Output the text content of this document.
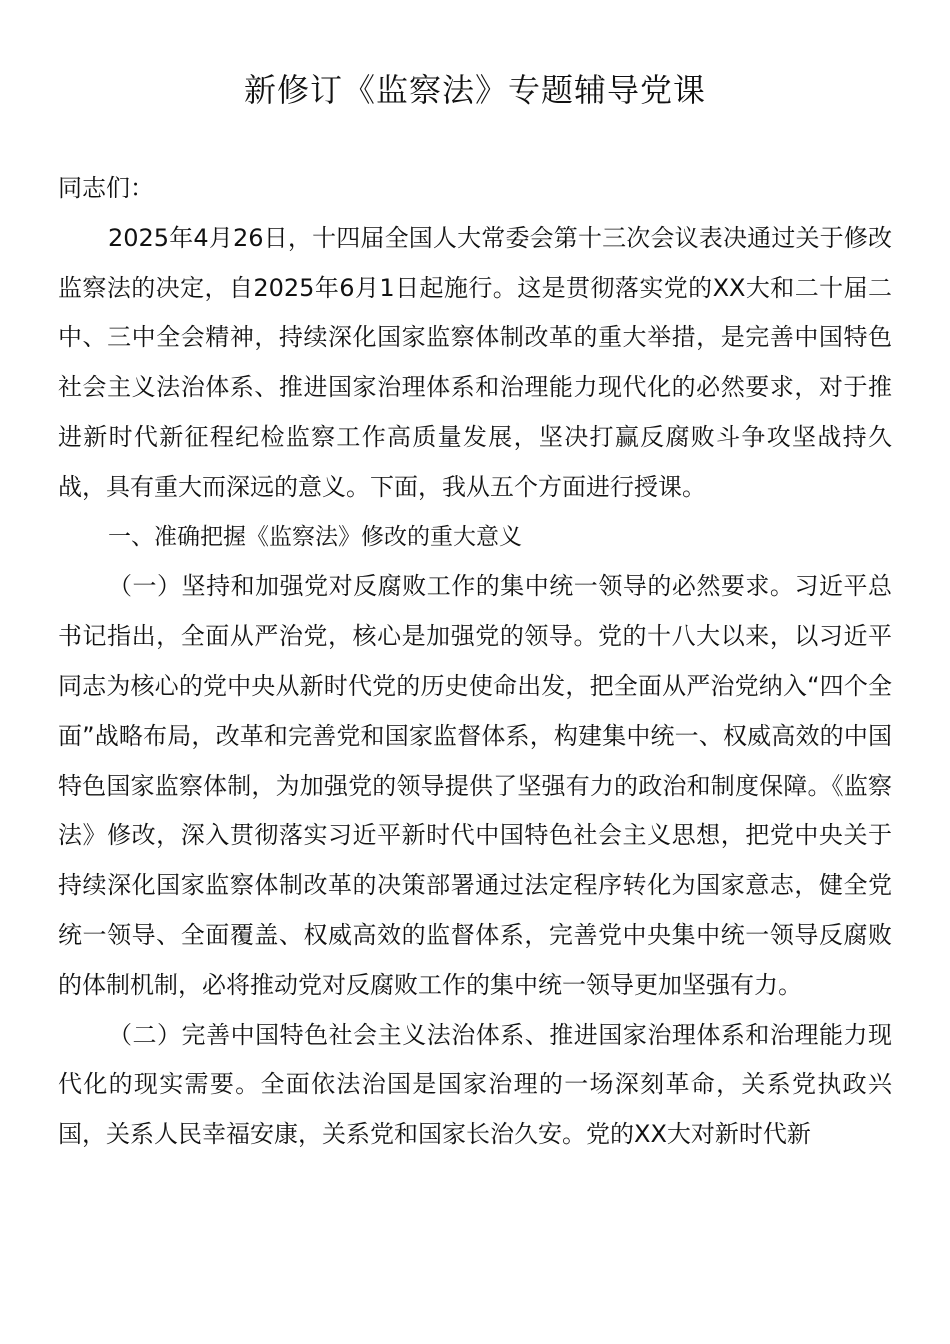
新修订《监察法》专题辅导党课

同志们：

2025年4月26日，十四届全国人大常委会第十三次会议表决通过关于修改监察法的决定，自2025年6月1日起施行。这是贯彻落实党的XX大和二十届二中、三中全会精神，持续深化国家监察体制改革的重大举措，是完善中国特色社会主义法治体系、推进国家治理体系和治理能力现代化的必然要求，对于推进新时代新征程纪检监察工作高质量发展，坚决打赢反腐败斗争攻坚战持久战，具有重大而深远的意义。下面，我从五个方面进行授课。

一、准确把握《监察法》修改的重大意义

（一）坚持和加强党对反腐败工作的集中统一领导的必然要求。习近平总书记指出，全面从严治党，核心是加强党的领导。党的十八大以来，以习近平同志为核心的党中央从新时代党的历史使命出发，把全面从严治党纳入“四个全面”战略布局，改革和完善党和国家监督体系，构建集中统一、权威高效的中国特色国家监察体制，为加强党的领导提供了坚强有力的政治和制度保障。《监察法》修改，深入贯彻落实习近平新时代中国特色社会主义思想，把党中央关于持续深化国家监察体制改革的决策部署通过法定程序转化为国家意志，健全党统一领导、全面覆盖、权威高效的监督体系，完善党中央集中统一领导反腐败的体制机制，必将推动党对反腐败工作的集中统一领导更加坚强有力。

（二）完善中国特色社会主义法治体系、推进国家治理体系和治理能力现代化的现实需要。全面依法治国是国家治理的一场深刻革命，关系党执政兴国，关系人民幸福安康，关系党和国家长治久安。党的XX大对新时代新
